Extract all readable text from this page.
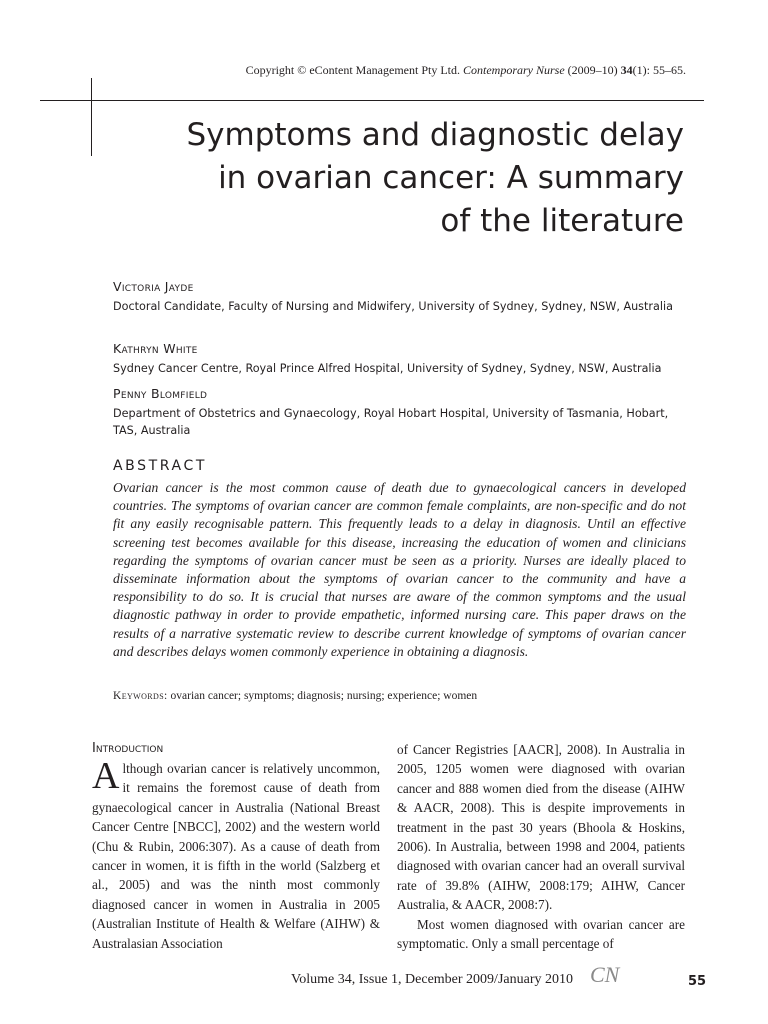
Copyright © eContent Management Pty Ltd. Contemporary Nurse (2009–10) 34(1): 55–65.
Symptoms and diagnostic delay
in ovarian cancer: A summary
of the literature

Victoria Jayde

Doctoral Candidate, Faculty of Nursing and Midwifery, University of Sydney, Sydney, NSW, Australia

Kathryn White

Sydney Cancer Centre, Royal Prince Alfred Hospital, University of Sydney, Sydney, NSW, Australia

Penny Blomfield

Department of Obstetrics and Gynaecology, Royal Hobart Hospital, University of Tasmania, Hobart, TAS, Australia

ABSTRACT

Ovarian cancer is the most common cause of death due to gynaecological cancers in developed countries. The symptoms of ovarian cancer are common female complaints, are non-specific and do not fit any easily recognisable pattern. This frequently leads to a delay in diagnosis. Until an effective screening test becomes available for this disease, increasing the education of women and clinicians regarding the symptoms of ovarian cancer must be seen as a priority. Nurses are ideally placed to disseminate information about the symptoms of ovarian cancer to the community and have a responsibility to do so. It is crucial that nurses are aware of the common symptoms and the usual diagnostic pathway in order to provide empathetic, informed nursing care. This paper draws on the results of a narrative systematic review to describe current knowledge of symptoms of ovarian cancer and describes delays women commonly experience in obtaining a diagnosis.

Keywords: ovarian cancer; symptoms; diagnosis; nursing; experience; women

Introduction
Although ovarian cancer is relatively uncommon, it remains the foremost cause of death from gynaecological cancer in Australia (National Breast Cancer Centre [NBCC], 2002) and the western world (Chu & Rubin, 2006:307). As a cause of death from cancer in women, it is fifth in the world (Salzberg et al., 2005) and was the ninth most commonly diagnosed cancer in women in Australia in 2005 (Australian Institute of Health & Welfare (AIHW) & Australasian Association
of Cancer Registries [AACR], 2008). In Australia in 2005, 1205 women were diagnosed with ovarian cancer and 888 women died from the disease (AIHW & AACR, 2008). This is despite improvements in treatment in the past 30 years (Bhoola & Hoskins, 2006). In Australia, between 1998 and 2004, patients diagnosed with ovarian cancer had an overall survival rate of 39.8% (AIHW, 2008:179; AIHW, Cancer Australia, & AACR, 2008:7).
Most women diagnosed with ovarian cancer are symptomatic. Only a small percentage of
Volume 34, Issue 1, December 2009/January 2010 CN	55
